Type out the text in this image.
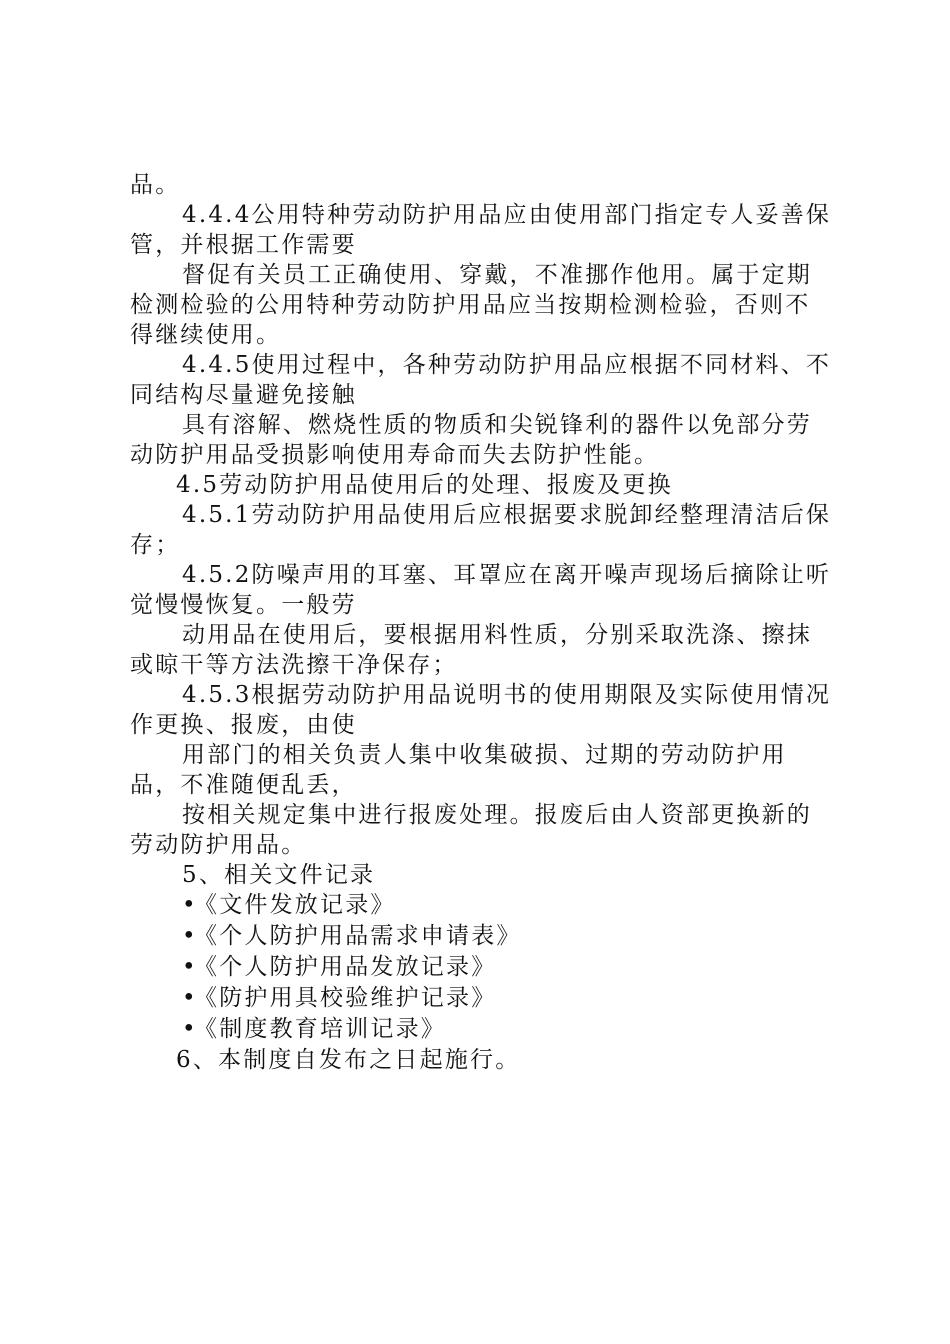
品。

4.4.4公用特种劳动防护用品应由使用部门指定专人妥善保管，并根据工作需要

督促有关员工正确使用、穿戴，不准挪作他用。属于定期检测检验的公用特种劳动防护用品应当按期检测检验，否则不得继续使用。

4.4.5使用过程中，各种劳动防护用品应根据不同材料、不同结构尽量避免接触

具有溶解、燃烧性质的物质和尖锐锋利的器件以免部分劳动防护用品受损影响使用寿命而失去防护性能。

4.5劳动防护用品使用后的处理、报废及更换

4.5.1劳动防护用品使用后应根据要求脱卸经整理清洁后保存；

4.5.2防噪声用的耳塞、耳罩应在离开噪声现场后摘除让听觉慢慢恢复。一般劳

动用品在使用后，要根据用料性质，分别采取洗涤、擦抹或晾干等方法洗擦干净保存；

4.5.3根据劳动防护用品说明书的使用期限及实际使用情况作更换、报废，由使

用部门的相关负责人集中收集破损、过期的劳动防护用品，不准随便乱丢，

按相关规定集中进行报废处理。报废后由人资部更换新的劳动防护用品。

5、相关文件记录

•《文件发放记录》

•《个人防护用品需求申请表》

•《个人防护用品发放记录》

•《防护用具校验维护记录》

•《制度教育培训记录》

6、本制度自发布之日起施行。
